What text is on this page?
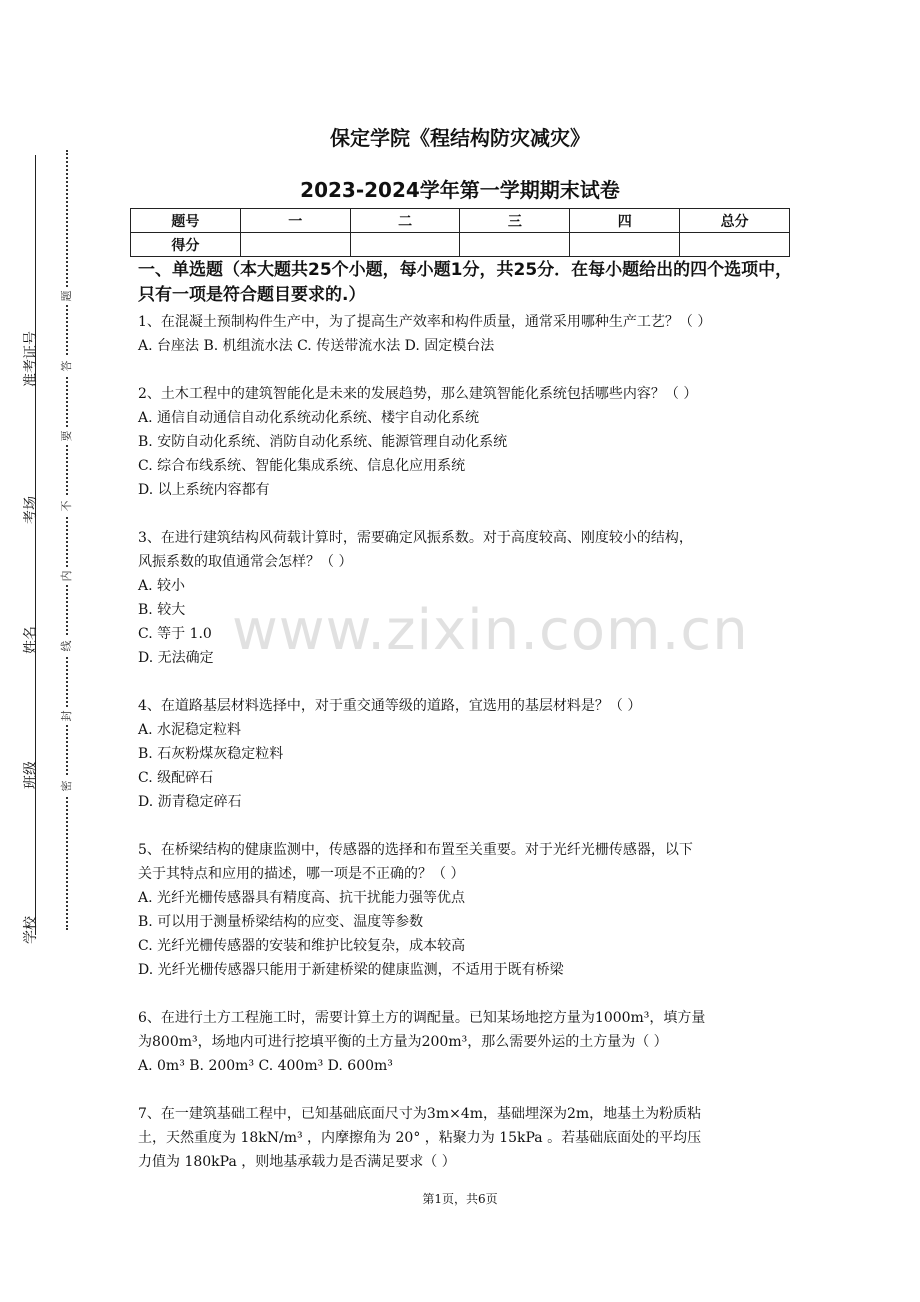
学校
班级
姓名
考场
准考证号
题
答
要
不
内
线
封
密
保定学院《程结构防灾减灾》
2023-2024学年第一学期期末试卷
题号	一	二	三	四	总分
得分					
一、单选题（本大题共25个小题，每小题1分，共25分．在每小题给出的四个选项中，只有一项是符合题目要求的.）

1、在混凝土预制构件生产中，为了提高生产效率和构件质量，通常采用哪种生产工艺？（ ）

A. 台座法 B. 机组流水法 C. 传送带流水法 D. 固定模台法

2、土木工程中的建筑智能化是未来的发展趋势，那么建筑智能化系统包括哪些内容？（ ）

A. 通信自动通信自动化系统动化系统、楼宇自动化系统

B. 安防自动化系统、消防自动化系统、能源管理自动化系统

C. 综合布线系统、智能化集成系统、信息化应用系统

D. 以上系统内容都有

3、在进行建筑结构风荷载计算时，需要确定风振系数。对于高度较高、刚度较小的结构，

风振系数的取值通常会怎样？（ ）

A. 较小

B. 较大

C. 等于 1.0

D. 无法确定

4、在道路基层材料选择中，对于重交通等级的道路，宜选用的基层材料是？（ ）

A. 水泥稳定粒料

B. 石灰粉煤灰稳定粒料

C. 级配碎石

D. 沥青稳定碎石

5、在桥梁结构的健康监测中，传感器的选择和布置至关重要。对于光纤光栅传感器，以下

关于其特点和应用的描述，哪一项是不正确的？（ ）

A. 光纤光栅传感器具有精度高、抗干扰能力强等优点

B. 可以用于测量桥梁结构的应变、温度等参数

C. 光纤光栅传感器的安装和维护比较复杂，成本较高

D. 光纤光栅传感器只能用于新建桥梁的健康监测，不适用于既有桥梁

6、在进行土方工程施工时，需要计算土方的调配量。已知某场地挖方量为1000m³，填方量

为800m³，场地内可进行挖填平衡的土方量为200m³，那么需要外运的土方量为（ ）

A. 0m³ B. 200m³ C. 400m³ D. 600m³

7、在一建筑基础工程中，已知基础底面尺寸为3m×4m，基础埋深为2m，地基土为粉质粘

土，天然重度为 18kN/m³ ，内摩擦角为 20° ，粘聚力为 15kPa 。若基础底面处的平均压

力值为 180kPa ，则地基承载力是否满足要求（ ）

www.zixin.com.cn
第1页，共6页
